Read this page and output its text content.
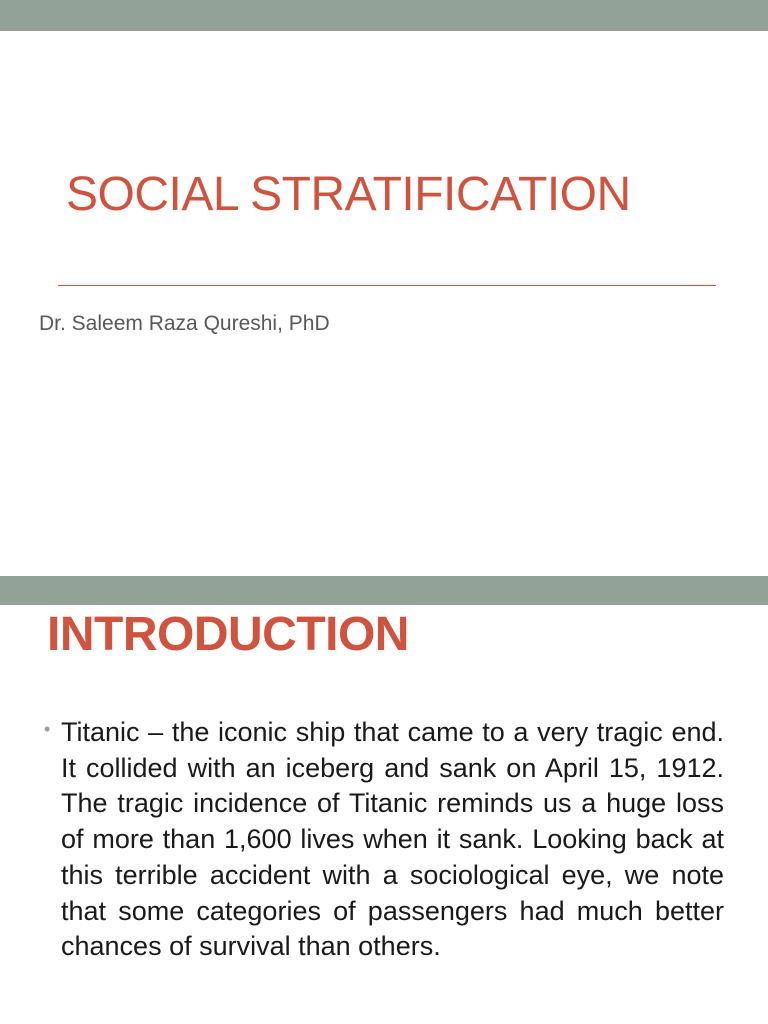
SOCIAL STRATIFICATION

Dr. Saleem Raza Qureshi, PhD

INTRODUCTION
• Titanic – the iconic ship that came to a very tragic end. It collided with an iceberg and sank on April 15, 1912. The tragic incidence of Titanic reminds us a huge loss of more than 1,600 lives when it sank. Looking back at this terrible accident with a sociological eye, we note that some categories of passengers had much better chances of survival than others.
